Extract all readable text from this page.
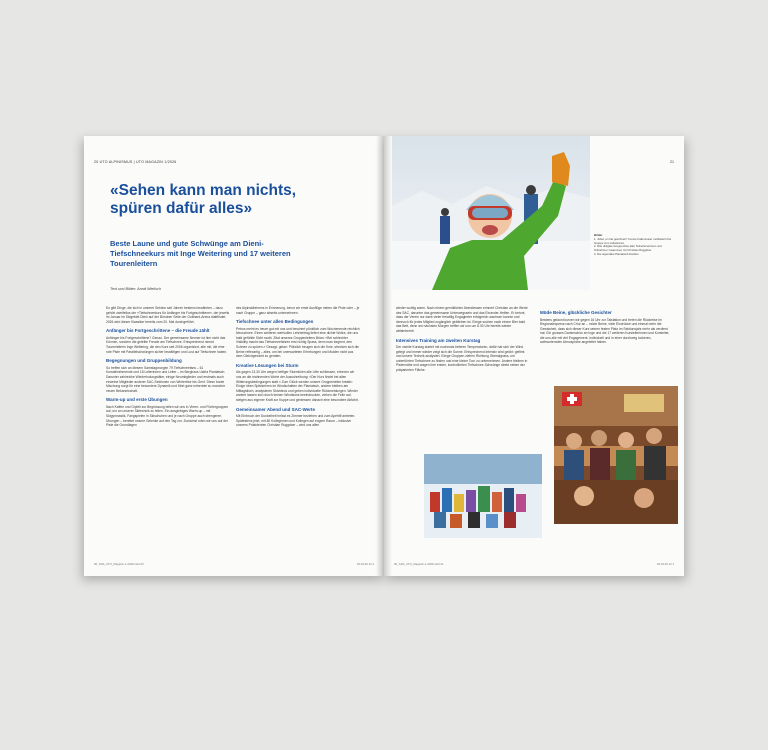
20 UTO ALPINISMUS | UTO MAGAZIN 1/2026
«Sehen kann man nichts, spüren dafür alles»
Beste Laune und gute Schwünge am Dieni-Tiefschneekurs mit Inge Weitering und 17 weiteren Tourenleitern
Text und Bilder: Arndt Mielisch

Es gibt Dinge, die sich in unserer Sektion seit Jahren bestens bewährten – dazu gehört zweifellos der «Tiefschneekurs für Anfänger bis Fortgeschrittene», der jeweils im Januar im Skigebiet Dieni auf der Bündner Seite der Gotthard-Arena stattfindet. 2026 wird dieser Klassiker bereits zum 20. Mal durchgeführt.

Anfänger bis Fortgeschrittene – die Freude zählt

Anfänger bis Fortgeschrittene? Genau. Der gemeinsame Nenner ist hier nicht das Können, sondern die geteilte Freude am Tiefschnee. Entsprechend nimmt Tourenleiterin Inge Weitering, die den Kurs seit 2006 organisiert, alle mit, die eine rote Piste mit Parallelschwüngen sicher bewältigen und Lust auf Tiefschnee haben.

Begegnungen und Gruppenbildung

So treffen sich an diesem Samstagmorgen 79 Tiefschneefans – 61 Kursteilnehmende und 18 Leiterinnen und Leiter – im Berghaus Ustria Piantatsch. Darunter zahlreiche Wiederholungstäter, einige Neumitglieder und erstmals auch einzelne Mitglieder anderer SAC-Sektionen von Winterthur bis Genf. Diese bunte Mischung sorgt für eine besondere Dynamik und führt ganz nebenbei zu mancher neuen Bekanntschaft.

Warm-up und erste Übungen

Nach Kaffee und Gipfeli zur Begrüssung teilen wir uns in Vierer- und Fünfergruppen auf, um an unserer Skitechnik zu feilen. Ein ausgiebiges Warm-up – mit Skigymnastik, Fangspielen in Skischuhen und je nach Gruppe auch strengeren Übungen – bereitet unsere Gelenke auf den Tag vor. Zunächst rufen wir uns auf der Piste die Grundlagen

des Alpinskifahrens in Erinnerung, bevor wir erste Ausflüge neben die Piste oder – je nach Gruppe – ganz abseits unternehmen.

Tiefschnee unter allen Bedingungen

Petrus meint es heuer gut mit uns und beschert pünktlich zum Wochenende reichlich Neuschnee. Einen weiteren wertvollen Lehrbeitrag liefert eine dichte Wolke, die uns bald gefühlte Sicht raubt. Zitat unseres Gruppenleiters Brian: «Bei schlechter Visibility macht das Tiefschneefahren erst richtig Spass, denn man beginnt, den Schnee zu spüren.» Gesagt, getan: Plötzlich beugen sich die Knie, strecken sich die Beine reflexartig – alles, um bei unerwarteten Erhebungen und Mulden nicht aus dem Gleichgewicht zu geraten.

Kreative Lösungen bei Sturm

Als gegen 13.30 Uhr wegen heftiger Sturmböen alle Lifte schliessen, erinnern wir uns an die mahnenden Worte der Ausschreibung: «Der Kurs findet bei allen Witterungsbedingungen statt.» Zum Glück werden unsere Gruppenleiter kreativ: Einige üben Spitzkehren im Windschatten der Plantatsch, andere bleiben am Mittagstisch, analysieren Skivideos und geben individuelle Rückmeldungen. Wieder andere lassen sich durch keinen Windstoss beeindrucken, ziehen die Felle auf, steigen aus eigener Kraft zur Kuppe und geniessen danach eine besondere Abfahrt.

Gemeinsamer Abend und SAC-Werte

Mit Einbruch der Dunkelheit heisst es Zimmer beziehen und zum Apéritif antreten. Spätestens jetzt, mit 80 Kolleginnen und Kollegen auf engem Raum – inklusive unseres Präsidenten Christian Ruggsber – wird uns allen

06_Toll4_UTO_Magazin-1-2026.indd 20	20.03.26 12:1
21
Bilder
1. Jubel, en hat geschneit! Yvonne Kaltenmeier mobilisiert ihre Gruppe zum Aufwärmen.
2. Das obligate Gruppenfoto aller Teilnehmerinnen und Teilnehmer zusammen mit Christian Ruggsber.
3. Die legendäre Plantatsch-Kantine

wieder wohlig warm. Nach einem gemütlichen Abendessen erinnert Christian an die Werte des SAC, darunter das gemeinsame Unterwegssein und das Einander-Helfen. Er betont, dass der Verein nur dank vieler freiwillig Engagierter erfolgreich wachsen konnte und dennoch für jedes Mitglied zugänglich geblieben ist. Einige suchen nach einem Bier bald das Bett, denn am nächsten Morgen treffen wir uns um 8.30 Uhr bereits wieder abfahrbereit.

Intensives Training am zweiten Kurstag

Der zweite Kurstag startet mit nochmals tieferen Temperaturen, dafür hat sich der Wind gelegt und immer wieder zeigt sich die Sonne. Entsprechend intensiv wird geübt: gefilmt und unsere Technik analysiert. Einige Gruppen ziehen Richtung Oberalppass, um unberührten Tiefschnee zu finden und eine kleine Tour zu unternehmen. Andere bleiben in Pistennähe und wagen ihre ersten, kontrollierten Tiefschnee-Schwünge direkt neben der präparierten Fläche.

Müde Beine, glückliche Gesichter

Bestens gelaunt kurven wir gegen 16 Uhr zur Talstation und treten die Rückreise im Regionalexpress nach Chur an – müde Beine, viele Eindrücke und einmal mehr die Gewissheit, dass sich dieser Kurs seinen festen Platz im Sektionsjahr mehr als verdient hat. Ein grosses Dankeschön an Inge und die 17 weiteren Kursleiterinnen und Kursleiter, die uns alle mit viel Engagement, individuell und in einer durchweg lockeren, aufmunternden Atmosphäre angeleitet haben.

06_Toll4_UTO_Magazin-1-2026.indd 21	20.03.26 12:1
